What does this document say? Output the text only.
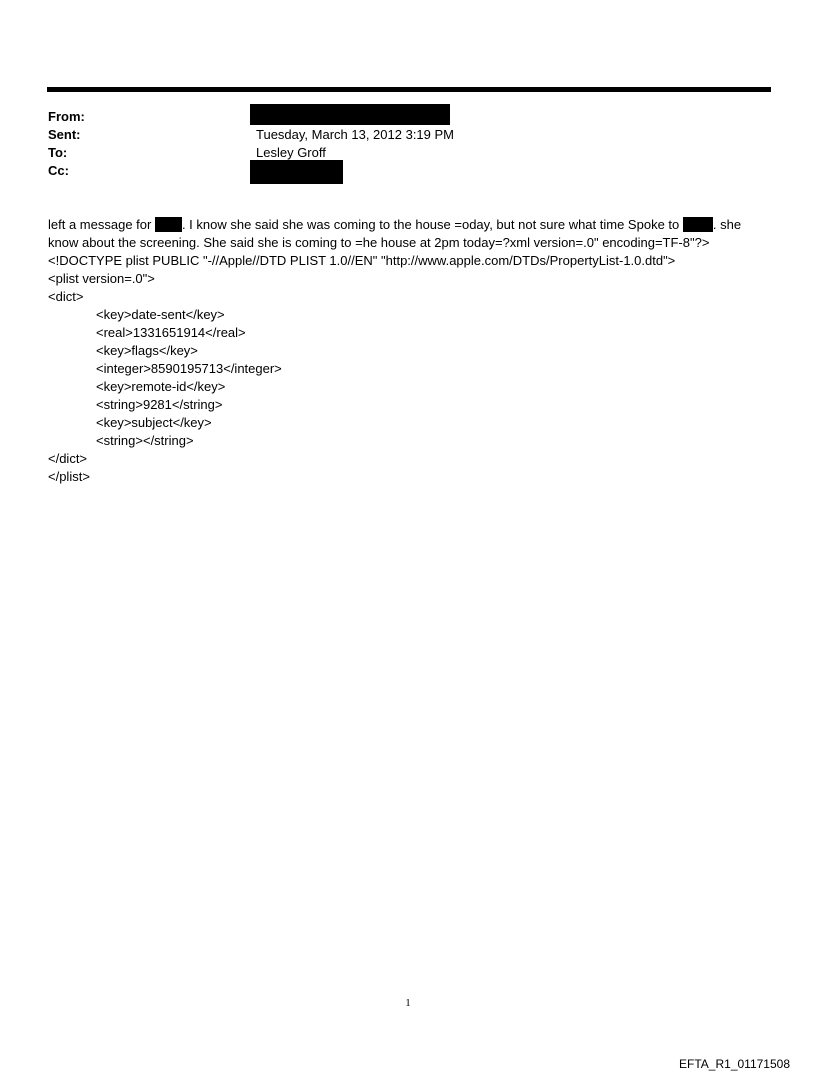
From:
Sent:	Tuesday, March 13, 2012 3:19 PM
To:	Lesley Groff
Cc:

left a message for . I know she said she was coming to the house =oday, but not sure what time Spoke to . she

know about the screening. She said she is coming to =he house at 2pm today=?xml version=.0" encoding=TF-8"?>

<!DOCTYPE plist PUBLIC "-//Apple//DTD PLIST 1.0//EN" "http://www.apple.com/DTDs/PropertyList-1.0.dtd">

<plist version=.0">

<dict>

<key>date-sent</key>

<real>1331651914</real>

<key>flags</key>

<integer>8590195713</integer>

<key>remote-id</key>

<string>9281</string>

<key>subject</key>

<string></string>

</dict>

</plist>

1
EFTA_R1_01171508
